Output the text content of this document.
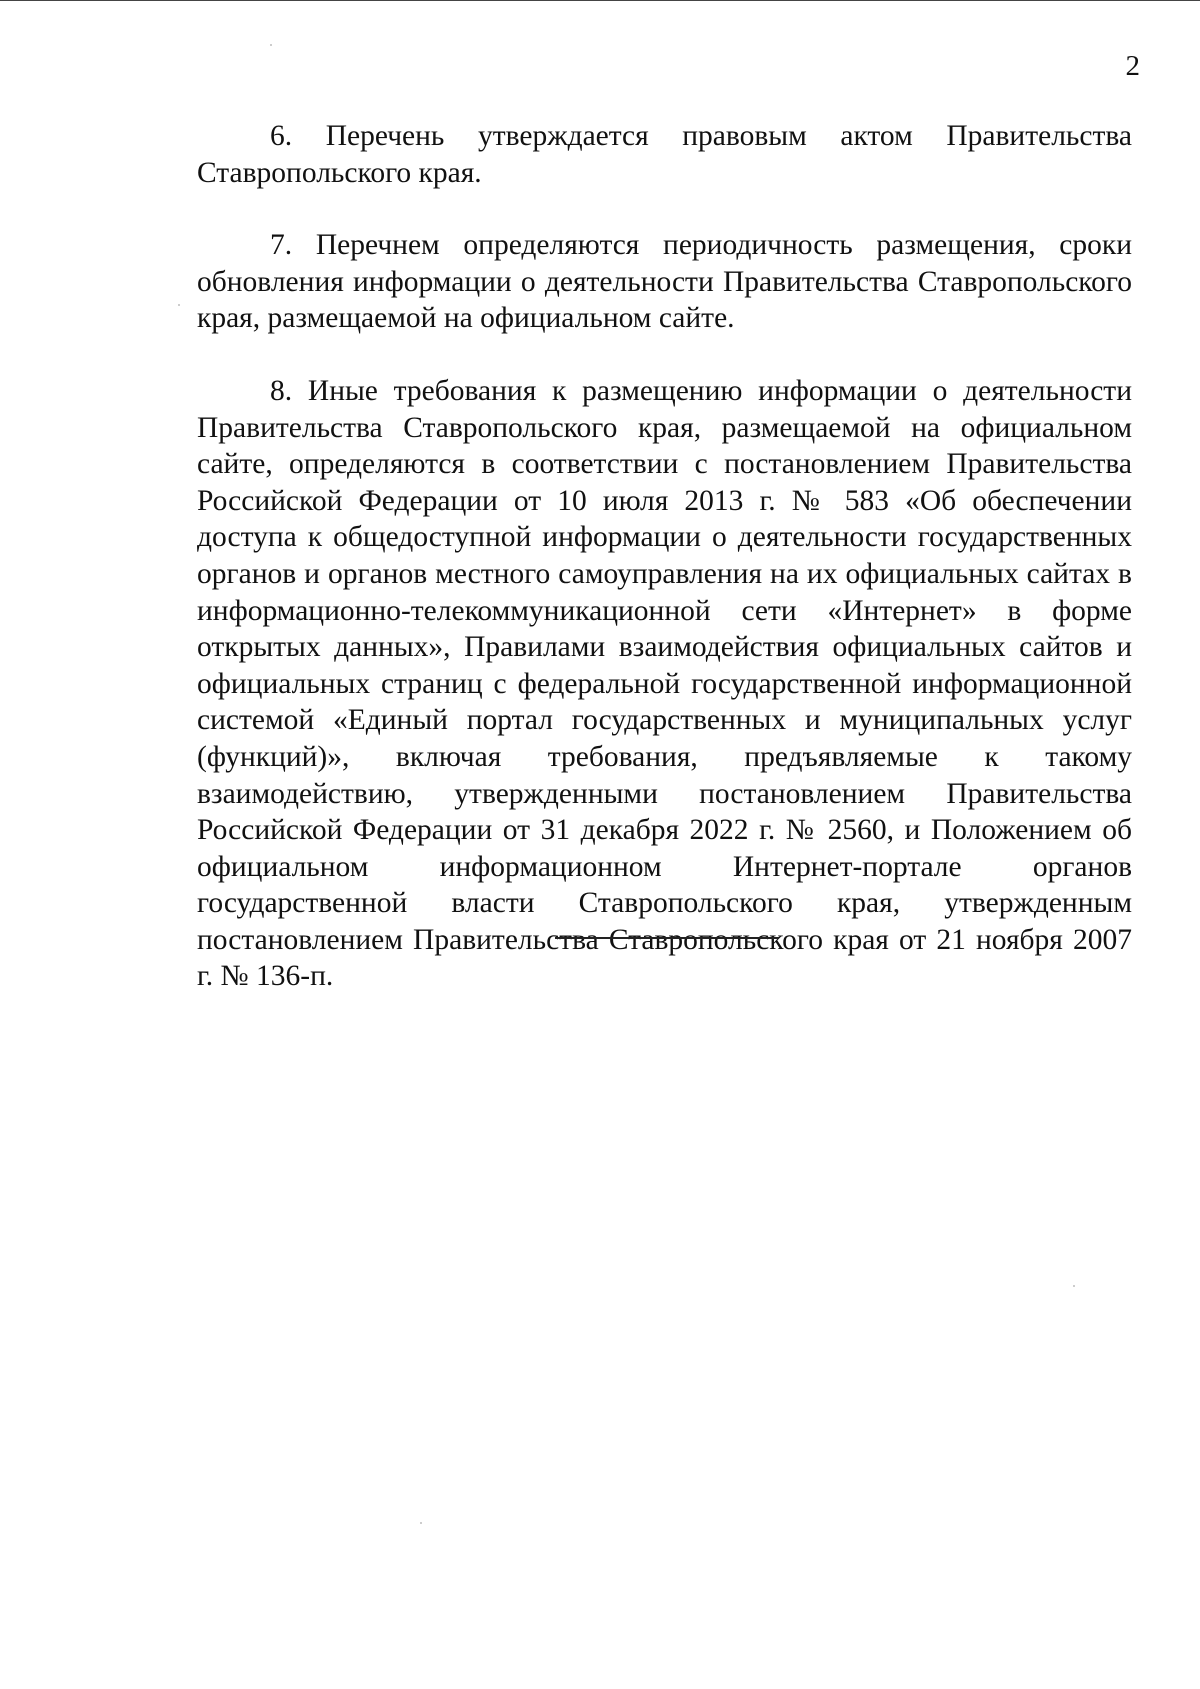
2

6. Перечень утверждается правовым актом Правительства Ставропольского края.

7. Перечнем определяются периодичность размещения, сроки обновления информации о деятельности Правительства Ставропольского края, размещаемой на официальном сайте.

8. Иные требования к размещению информации о деятельности Правительства Ставропольского края, размещаемой на официальном сайте, определяются в соответствии с постановлением Правительства Российской Федерации от 10 июля 2013 г. № 583 «Об обеспечении доступа к общедоступной информации о деятельности государственных органов и органов местного самоуправления на их официальных сайтах в информационно-телекоммуникационной сети «Интернет» в форме открытых данных», Правилами взаимодействия официальных сайтов и официальных страниц с федеральной государственной информационной системой «Единый портал государственных и муниципальных услуг (функций)», включая требования, предъявляемые к такому взаимодействию, утвержденными постановлением Правительства Российской Федерации от 31 декабря 2022 г. № 2560, и Положением об официальном информационном Интернет-портале органов государственной власти Ставропольского края, утвержденным постановлением Правительства Ставропольского края от 21 ноября 2007 г. № 136-п.
